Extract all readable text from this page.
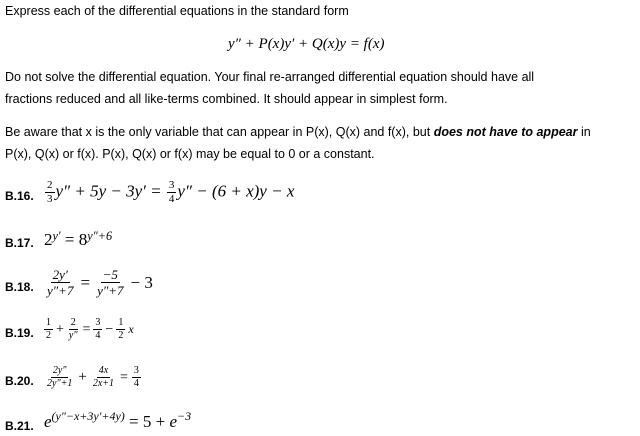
Express each of the differential equations in the standard form
y″ + P(x)y′ + Q(x)y = f(x)
Do not solve the differential equation. Your final re-arranged differential equation should have all
fractions reduced and all like-terms combined. It should appear in simplest form.
Be aware that x is the only variable that can appear in P(x), Q(x) and f(x), but does not have to appear in
P(x), Q(x) or f(x). P(x), Q(x) or f(x) may be equal to 0 or a constant.
B.16. $\frac{2}{3} y'' + 5y - 3y' = \frac{3}{4} y'' - (6 + x)y - x$
B.17. $2^{y'} = 8^{y''+6}$
B.18. $\frac{2y'}{y''+7} = \frac{-5}{y''+7} - 3$
B.19. $\frac{1}{2} + \frac{2}{y''} = \frac{3}{4} - \frac{1}{2}$ x
B.20. $\frac{2y''}{2y''+1} + \frac{4x}{2x+1} = \frac{3}{4}$
B.21. $e^{(y''-x+3y'+4y)} = 5 + e^{-3}$
